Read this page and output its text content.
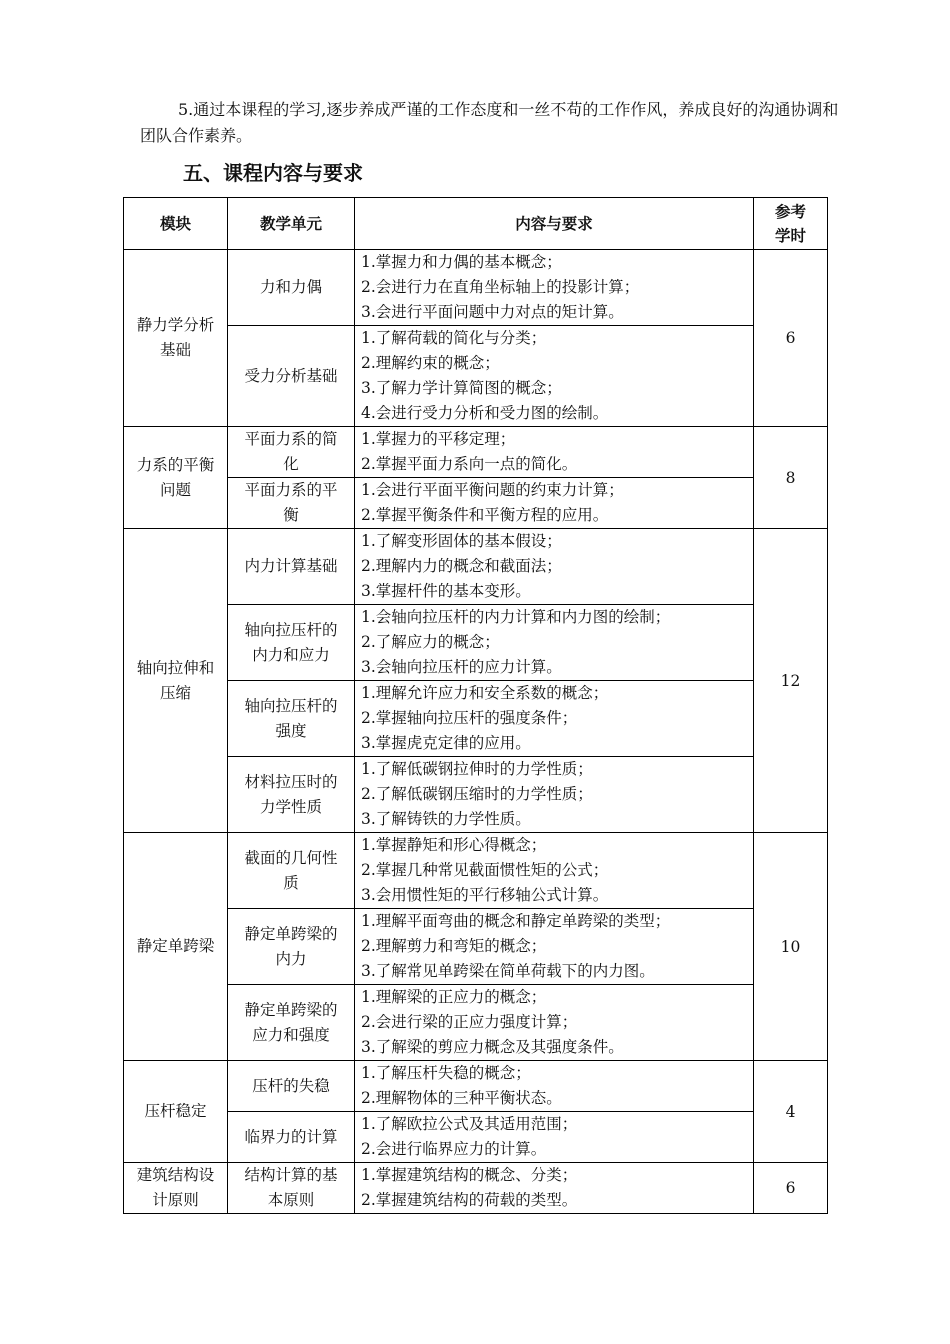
5.通过本课程的学习,逐步养成严谨的工作态度和一丝不苟的工作作风，养成良好的沟通协调和团队合作素养。

五、课程内容与要求
模块	教学单元	内容与要求	参考学时
静力学分析基础	力和力偶	1.掌握力和力偶的基本概念；
2.会进行力在直角坐标轴上的投影计算；
3.会进行平面问题中力对点的矩计算。	6
	受力分析基础	1.了解荷载的简化与分类；
2.理解约束的概念；
3.了解力学计算简图的概念；
4.会进行受力分析和受力图的绘制。	

力系的平衡问题	平面力系的简化	1.掌握力的平移定理；
2.掌握平面力系向一点的简化。	8
	平面力系的平衡	1.会进行平面平衡问题的约束力计算；
2.掌握平衡条件和平衡方程的应用。	

轴向拉伸和压缩	内力计算基础	1.了解变形固体的基本假设；
2.理解内力的概念和截面法；
3.掌握杆件的基本变形。	12
	轴向拉压杆的内力和应力	1.会轴向拉压杆的内力计算和内力图的绘制；
2.了解应力的概念；
3.会轴向拉压杆的应力计算。	

	轴向拉压杆的强度	1.理解允许应力和安全系数的概念；
2.掌握轴向拉压杆的强度条件；
3.掌握虎克定律的应用。	

	材料拉压时的力学性质	1.了解低碳钢拉伸时的力学性质；
2.了解低碳钢压缩时的力学性质；
3.了解铸铁的力学性质。	

静定单跨梁	截面的几何性质	1.掌握静矩和形心得概念；
2.掌握几种常见截面惯性矩的公式；
3.会用惯性矩的平行移轴公式计算。	10
	静定单跨梁的内力	1.理解平面弯曲的概念和静定单跨梁的类型；
2.理解剪力和弯矩的概念；
3.了解常见单跨梁在简单荷载下的内力图。	

	静定单跨梁的应力和强度	1.理解梁的正应力的概念；
2.会进行梁的正应力强度计算；
3.了解梁的剪应力概念及其强度条件。	

压杆稳定	压杆的失稳	1.了解压杆失稳的概念；
2.理解物体的三种平衡状态。	4
	临界力的计算	1.了解欧拉公式及其适用范围；
2.会进行临界应力的计算。	

建筑结构设计原则	结构计算的基本原则	1.掌握建筑结构的概念、分类；
2.掌握建筑结构的荷载的类型。	6
